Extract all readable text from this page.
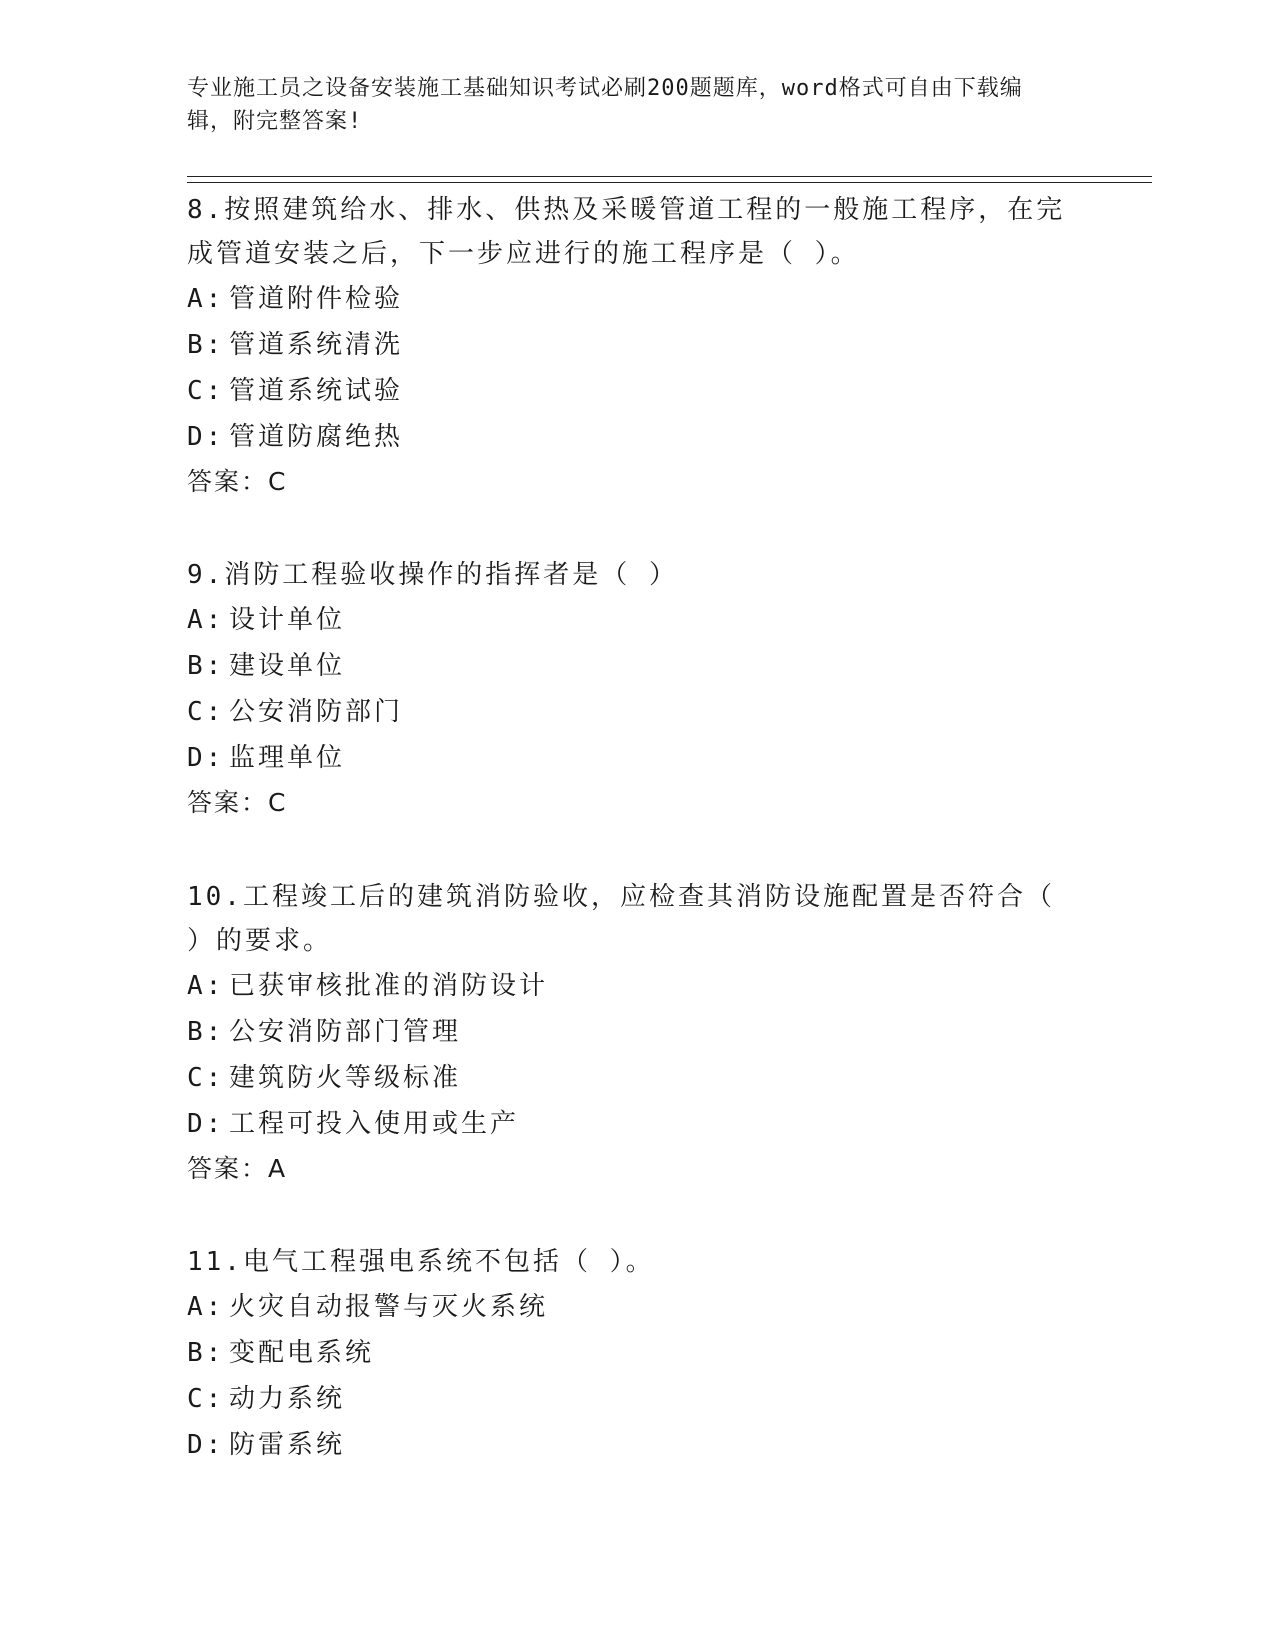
专业施工员之设备安装施工基础知识考试必刷200题题库，word格式可自由下载编辑，附完整答案!

8.按照建筑给水、排水、供热及采暖管道工程的一般施工程序，在完成管道安装之后，下一步应进行的施工程序是（ ）。

A: 管道附件检验

B: 管道系统清洗

C: 管道系统试验

D: 管道防腐绝热

答案：C

9.消防工程验收操作的指挥者是（ ）

A: 设计单位

B: 建设单位

C: 公安消防部门

D: 监理单位

答案：C

10.工程竣工后的建筑消防验收，应检查其消防设施配置是否符合（ ）的要求。

A: 已获审核批准的消防设计

B: 公安消防部门管理

C: 建筑防火等级标准

D: 工程可投入使用或生产

答案：A

11.电气工程强电系统不包括（ ）。

A: 火灾自动报警与灭火系统

B: 变配电系统

C: 动力系统

D: 防雷系统
